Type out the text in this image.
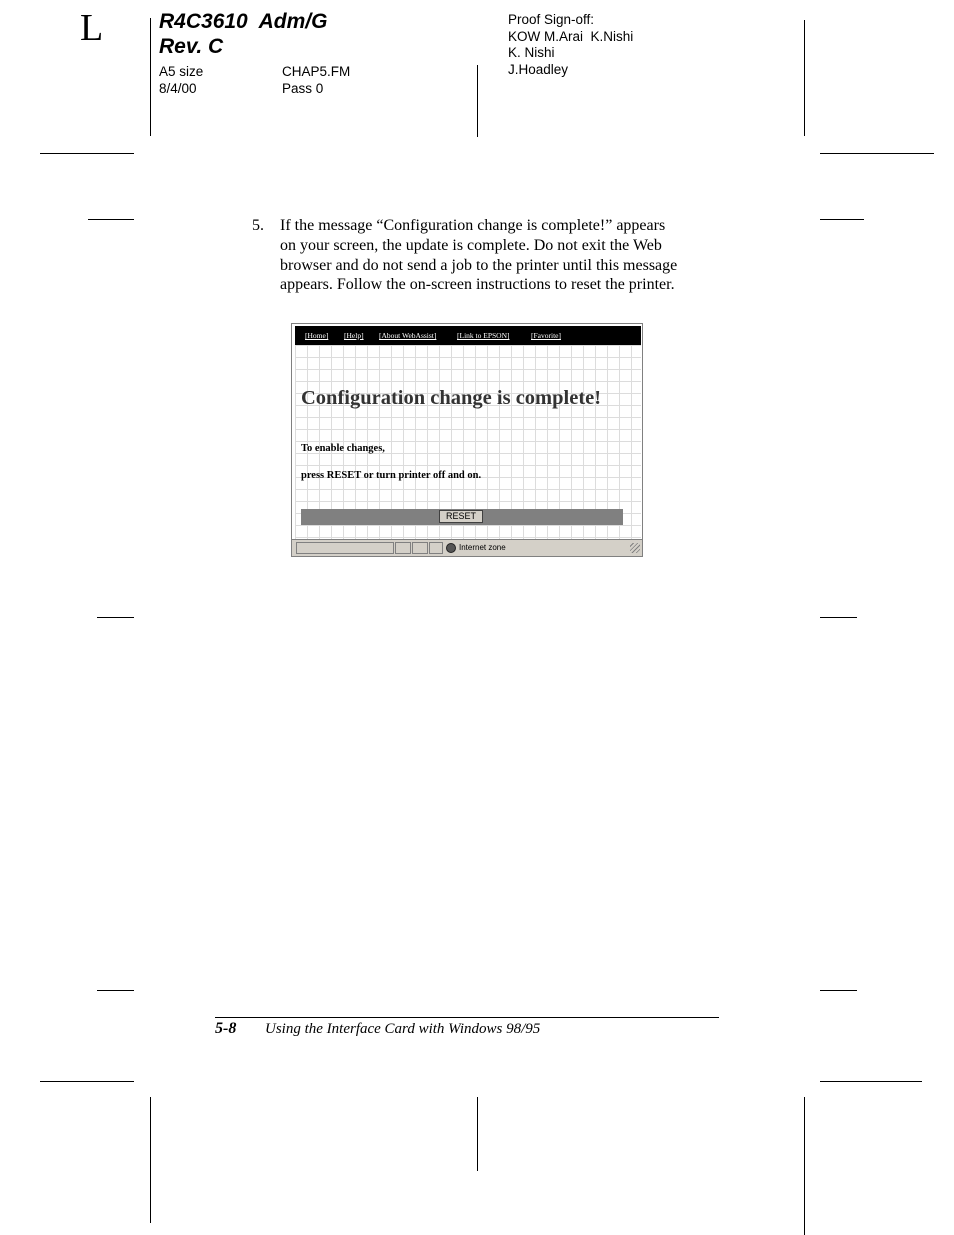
L	R4C3610  Adm/G
Rev. C
A5 size
8/4/00
CHAP5.FM
Pass 0
Proof Sign-off:
KOW M.Arai  K.Nishi
K. Nishi
J.Hoadley
5. If the message “Configuration change is complete!” appears
on your screen, the update is complete. Do not exit the Web
browser and do not send a job to the printer until this message
appears. Follow the on-screen instructions to reset the printer.
[Home] [Help] [About WebAssist]	[Link to EPSON]	[Favorite]
Configuration change is complete!
To enable changes,
press RESET or turn printer off and on.
RESET
Internet zone
5-8 Using the Interface Card with Windows 98/95
